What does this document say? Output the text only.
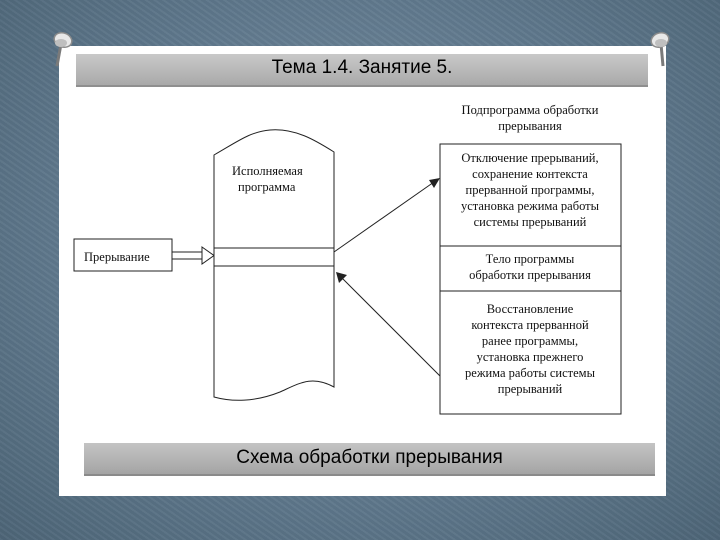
Тема 1.4. Занятие 5.
Прерывание
Исполняемая
программа
Подпрограмма обработки
прерывания
Отключение прерываний,
сохранение контекста
прерванной программы,
установка режима работы
системы прерываний
Тело программы
обработки прерывания
Восстановление
контекста прерванной
ранее программы,
установка прежнего
режима работы системы
прерываний
Схема обработки прерывания
